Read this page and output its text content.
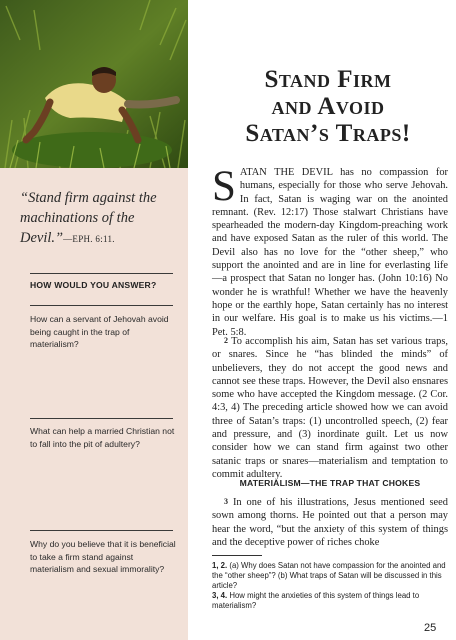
“Stand firm against the machinations of the Devil.”—EPH. 6:11.
HOW WOULD YOU ANSWER?
How can a servant of Jehovah avoid being caught in the trap of materialism?
What can help a married Christian not to fall into the pit of adultery?
Why do you believe that it is beneficial to take a firm stand against materialism and sexual immorality?
Stand Firm
and Avoid
Satan’s Traps!

SATAN THE DEVIL has no compassion for humans, especially for those who serve Jehovah. In fact, Satan is waging war on the anointed remnant. (Rev. 12:17) Those stalwart Christians have spearheaded the modern-day Kingdom-preaching work and have exposed Satan as the ruler of this world. The Devil also has no love for the “other sheep,” who support the anointed and are in line for everlasting life—a prospect that Satan no longer has. (John 10:16) No wonder he is wrathful! Whether we have the heavenly hope or the earthly hope, Satan certainly has no interest in our welfare. His goal is to make us his victims.—1 Pet. 5:8.

2 To accomplish his aim, Satan has set various traps, or snares. Since he “has blinded the minds” of unbelievers, they do not accept the good news and cannot see these traps. However, the Devil also ensnares some who have accepted the Kingdom message. (2 Cor. 4:3, 4) The preceding article showed how we can avoid three of Satan’s traps: (1) uncontrolled speech, (2) fear and pressure, and (3) inordinate guilt. Let us now consider how we can stand firm against two other satanic traps or snares—materialism and temptation to commit adultery.

MATERIALISM—THE TRAP THAT CHOKES

3 In one of his illustrations, Jesus mentioned seed sown among thorns. He pointed out that a person may hear the word, “but the anxiety of this system of things and the deceptive power of riches choke

1, 2. (a) Why does Satan not have compassion for the anointed and the “other sheep”? (b) What traps of Satan will be discussed in this article?

3, 4. How might the anxieties of this system of things lead to materialism?

25
